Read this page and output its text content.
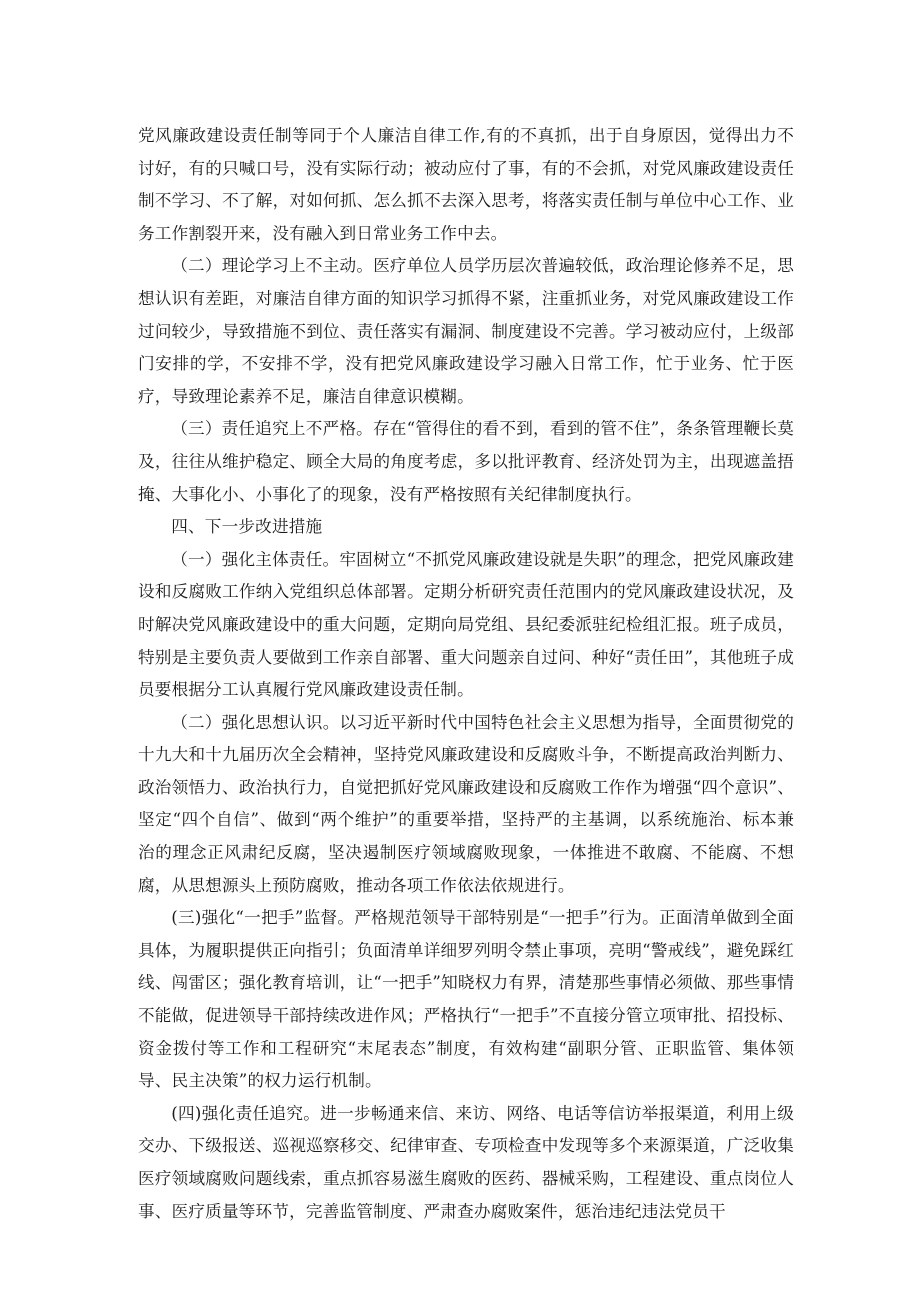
党风廉政建设责任制等同于个人廉洁自律工作,有的不真抓，出于自身原因，觉得出力不讨好，有的只喊口号，没有实际行动；被动应付了事，有的不会抓，对党风廉政建设责任制不学习、不了解，对如何抓、怎么抓不去深入思考，将落实责任制与单位中心工作、业务工作割裂开来，没有融入到日常业务工作中去。

（二）理论学习上不主动。医疗单位人员学历层次普遍较低，政治理论修养不足，思想认识有差距，对廉洁自律方面的知识学习抓得不紧，注重抓业务，对党风廉政建设工作过问较少，导致措施不到位、责任落实有漏洞、制度建设不完善。学习被动应付，上级部门安排的学，不安排不学，没有把党风廉政建设学习融入日常工作，忙于业务、忙于医疗，导致理论素养不足，廉洁自律意识模糊。

（三）责任追究上不严格。存在“管得住的看不到，看到的管不住”，条条管理鞭长莫及，往往从维护稳定、顾全大局的角度考虑，多以批评教育、经济处罚为主，出现遮盖捂掩、大事化小、小事化了的现象，没有严格按照有关纪律制度执行。

四、下一步改进措施

（一）强化主体责任。牢固树立“不抓党风廉政建设就是失职”的理念，把党风廉政建设和反腐败工作纳入党组织总体部署。定期分析研究责任范围内的党风廉政建设状况，及时解决党风廉政建设中的重大问题，定期向局党组、县纪委派驻纪检组汇报。班子成员，特别是主要负责人要做到工作亲自部署、重大问题亲自过问、种好“责任田”，其他班子成员要根据分工认真履行党风廉政建设责任制。

（二）强化思想认识。以习近平新时代中国特色社会主义思想为指导，全面贯彻党的十九大和十九届历次全会精神，坚持党风廉政建设和反腐败斗争，不断提高政治判断力、政治领悟力、政治执行力，自觉把抓好党风廉政建设和反腐败工作作为增强“四个意识”、坚定“四个自信”、做到“两个维护”的重要举措，坚持严的主基调，以系统施治、标本兼治的理念正风肃纪反腐，坚决遏制医疗领域腐败现象，一体推进不敢腐、不能腐、不想腐，从思想源头上预防腐败，推动各项工作依法依规进行。

(三)强化“一把手”监督。严格规范领导干部特别是“一把手”行为。正面清单做到全面具体，为履职提供正向指引；负面清单详细罗列明令禁止事项，亮明“警戒线”，避免踩红线、闯雷区；强化教育培训，让“一把手”知晓权力有界，清楚那些事情必须做、那些事情不能做，促进领导干部持续改进作风；严格执行“一把手”不直接分管立项审批、招投标、资金拨付等工作和工程研究“末尾表态”制度，有效构建“副职分管、正职监管、集体领导、民主决策”的权力运行机制。

(四)强化责任追究。进一步畅通来信、来访、网络、电话等信访举报渠道，利用上级交办、下级报送、巡视巡察移交、纪律审查、专项检查中发现等多个来源渠道，广泛收集医疗领域腐败问题线索，重点抓容易滋生腐败的医药、器械采购，工程建设、重点岗位人事、医疗质量等环节，完善监管制度、严肃查办腐败案件，惩治违纪违法党员干
